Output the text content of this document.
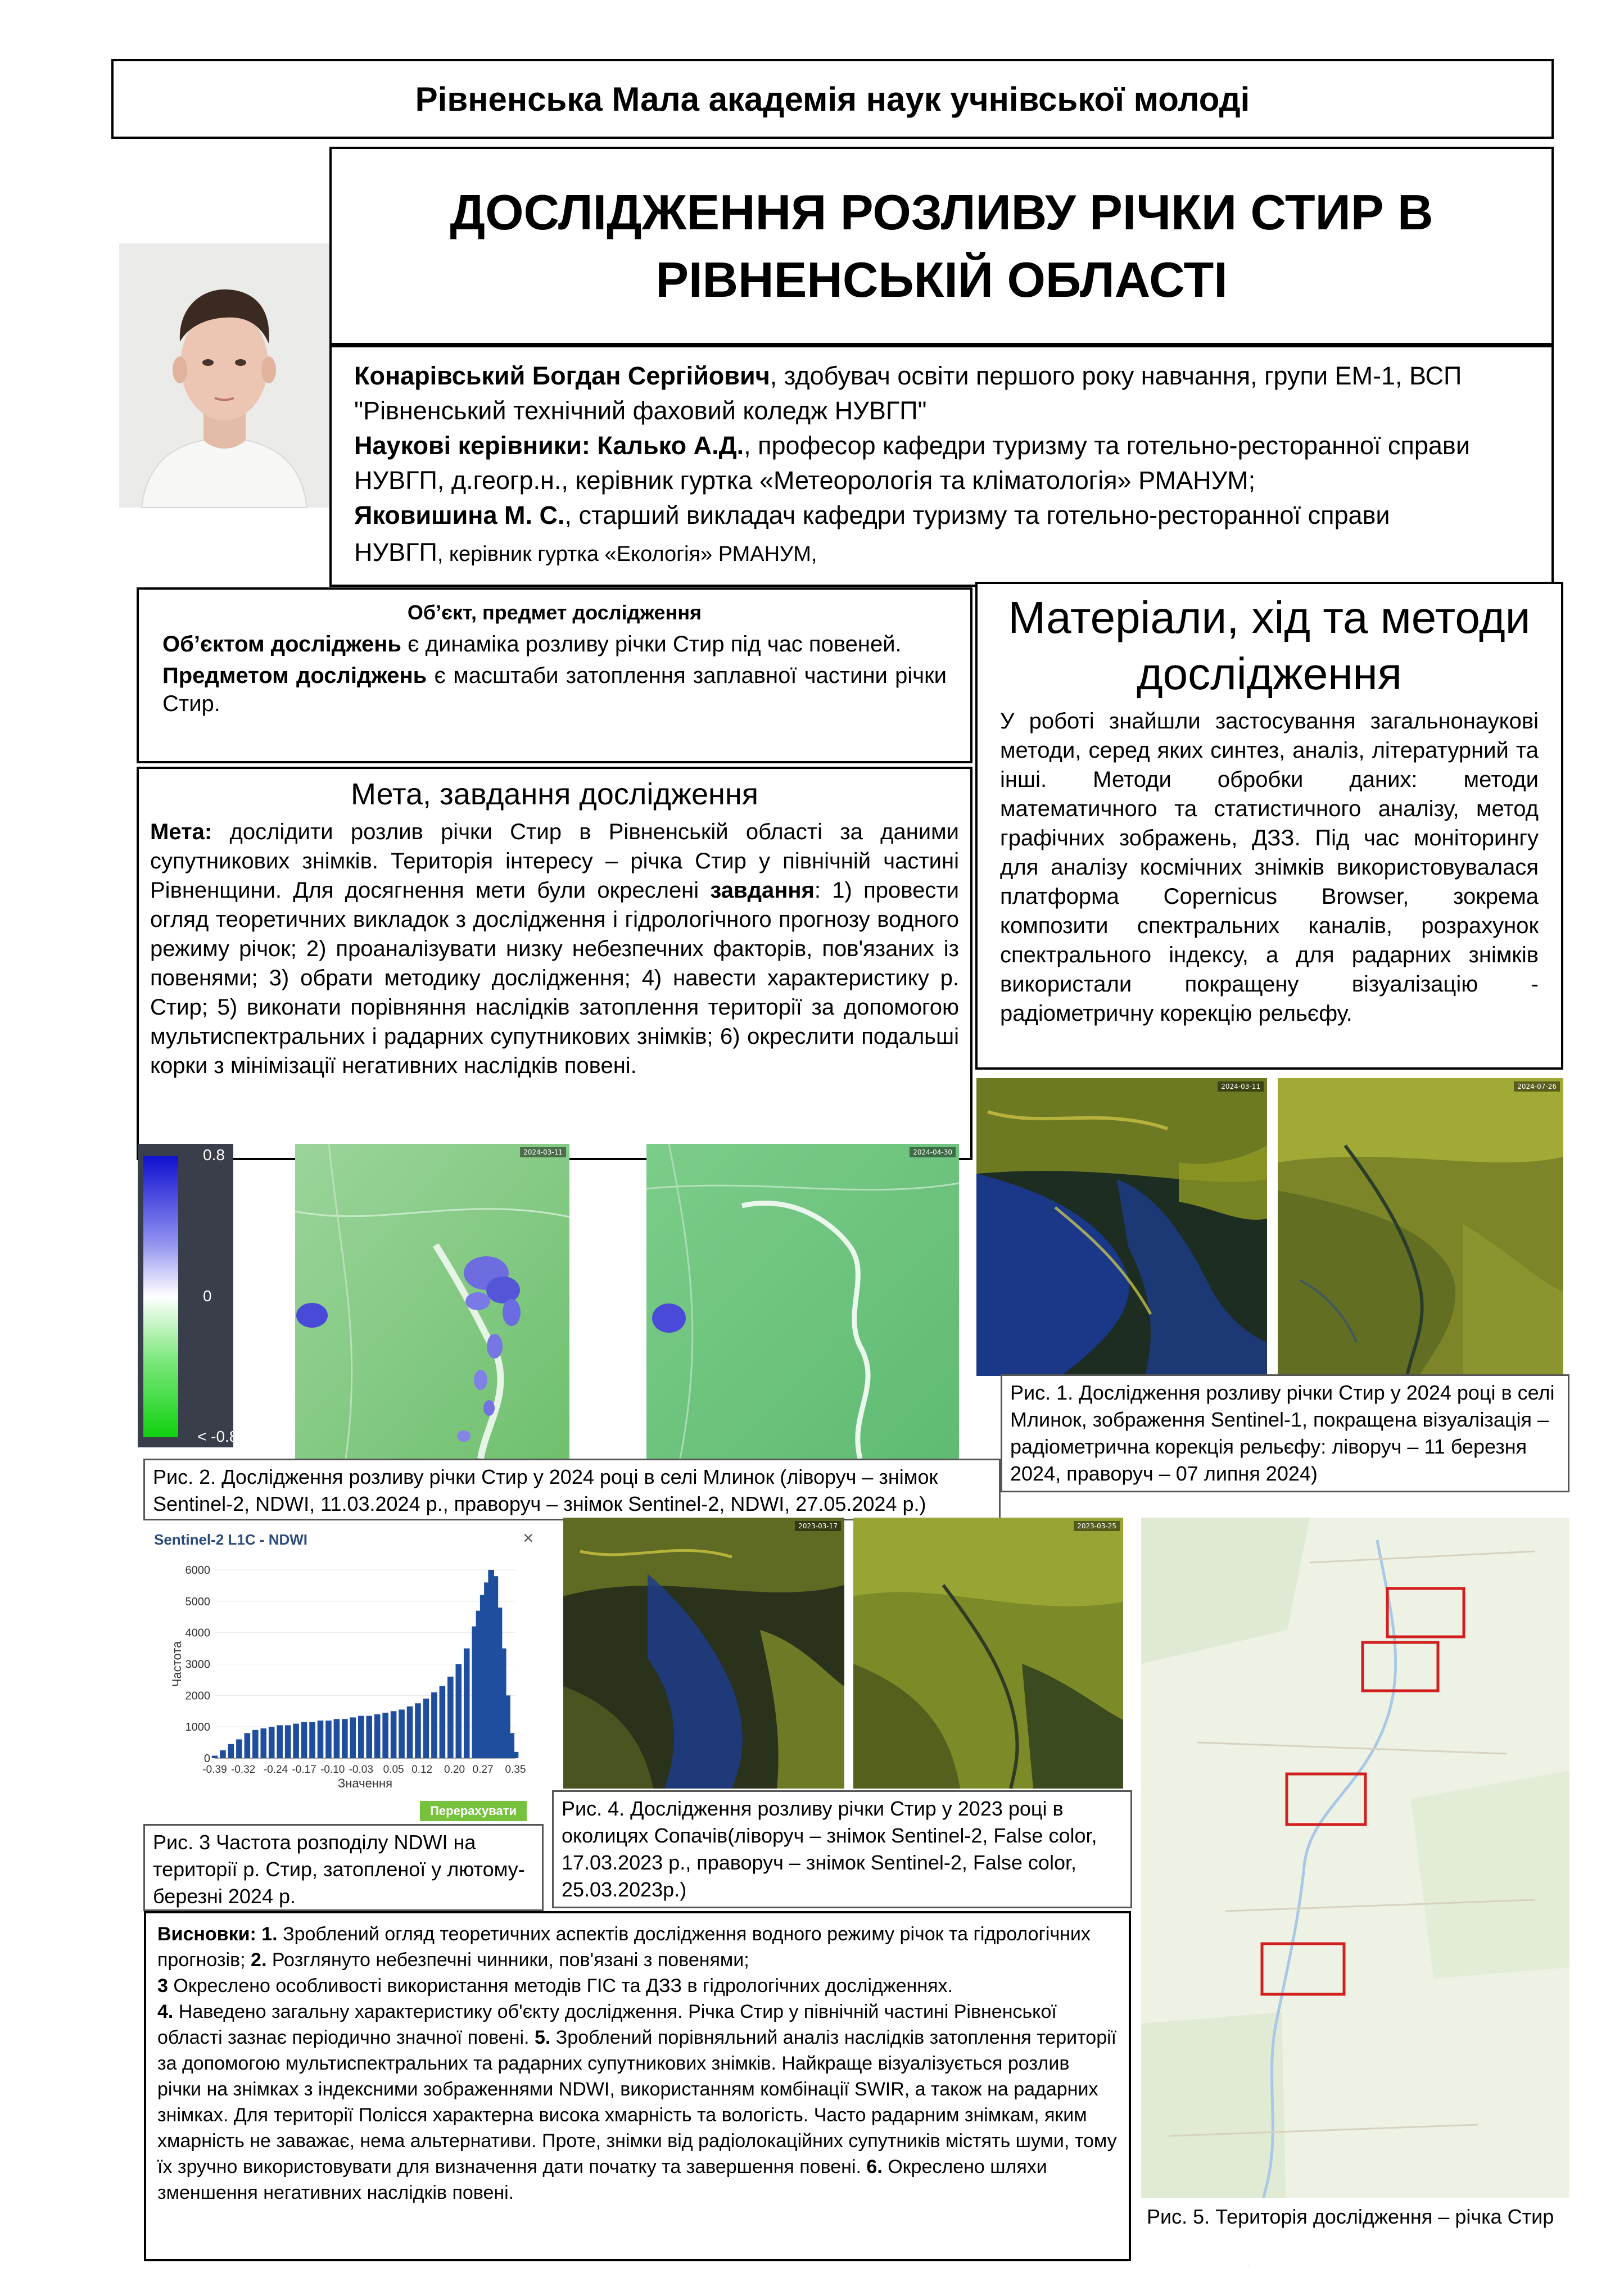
Рівненська Мала академія наук учнівської молоді
ДОСЛІДЖЕННЯ РОЗЛИВУ РІЧКИ СТИР В РІВНЕНСЬКІЙ ОБЛАСТІ

Конарівський Богдан Сергійович, здобувач освіти першого року навчання, групи ЕМ-1, ВСП "Рівненський технічний фаховий коледж НУВГП"

Наукові керівники: Калько А.Д., професор кафедри туризму та готельно-ресторанної справи НУВГП, д.геогр.н., керівник гуртка «Метеорологія та кліматологія» РМАНУМ;

Яковишина М. С., старший викладач кафедри туризму та готельно-ресторанної справи

НУВГП, керівник гуртка «Екологія» РМАНУМ,

Об’єкт, предмет дослідження

Об’єктом досліджень є динаміка розливу річки Стир під час повеней.

Предметом досліджень є масштаби затоплення заплавної частини річки Стир.

Матеріали, хід та методи дослідження
У роботі знайшли застосування загальнонаукові методи, серед яких синтез, аналіз, літературний та інші. Методи обробки даних: методи математичного та статистичного аналізу, метод графічних зображень, ДЗЗ. Під час моніторингу для аналізу космічних знімків використовувалася платформа Copernicus Browser, зокрема композити спектральних каналів, розрахунок спектрального індексу, а для радарних знімків використали покращену візуалізацію - радіометричну корекцію рельєфу.
Мета, завдання дослідження
Мета: дослідити розлив річки Стир в Рівненській області за даними супутникових знімків. Територія інтересу – річка Стир у північній частині Рівненщини. Для досягнення мети були окреслені завдання: 1) провести огляд теоретичних викладок з дослідження і гідрологічного прогнозу водного режиму річок; 2) проаналізувати низку небезпечних факторів, пов'язаних із повенями; 3) обрати методику дослідження; 4) навести характеристику р. Стир; 5) виконати порівняння наслідків затоплення території за допомогою мультиспектральних і радарних супутникових знімків; 6) окреслити подальші корки з мінімізації негативних наслідків повені.
0.8
0
< -0.8
2024-03-11	2024-04-30
Рис. 2. Дослідження розливу річки Стир у 2024 році в селі Млинок (ліворуч – знімок Sentinel-2, NDWI, 11.03.2024 р., праворуч – знімок Sentinel-2, NDWI, 27.05.2024 р.)
2024-03-11	2024-07-26
Рис. 1. Дослідження розливу річки Стир у 2024 році в селі Млинок, зображення Sentinel-1, покращена візуалізація – радіометрична корекція рельєфу: ліворуч – 11 березня 2024, праворуч – 07 липня 2024)
Sentinel-2 L1C - NDWI	×
0
1000
2000
3000
4000
5000
6000
-0.39 -0.32 -0.24 -0.17 -0.10 -0.03 0.05 0.12 0.20 0.27 0.35
Частота
Значення
Перерахувати
Рис. 3 Частота розподілу NDWI на території р. Стир, затопленої у лютому-березні 2024 р.
2023-03-17	2023-03-25
Рис. 4. Дослідження розливу річки Стир у 2023 році в околицях Сопачів(ліворуч – знімок Sentinel-2, False color, 17.03.2023 р., праворуч – знімок Sentinel-2, False color, 25.03.2023р.)
Рис. 5. Територія дослідження – річка Стир
Висновки: 1. Зроблений огляд теоретичних аспектів дослідження водного режиму річок та гідрологічних прогнозів; 2. Розглянуто небезпечні чинники, пов'язані з повенями;
3 Окреслено особливості використання методів ГІС та ДЗЗ в гідрологічних дослідженнях.
4. Наведено загальну характеристику об'єкту дослідження. Річка Стир у північній частині Рівненської області зазнає періодично значної повені. 5. Зроблений порівняльний аналіз наслідків затоплення території за допомогою мультиспектральних та радарних супутникових знімків. Найкраще візуалізується розлив річки на знімках з індексними зображеннями NDWI, використанням комбінації SWIR, а також на радарних знімках. Для території Полісся характерна висока хмарність та вологість. Часто радарним знімкам, яким хмарність не заважає, нема альтернативи. Проте, знімки від радіолокаційних супутників містять шуми, тому їх зручно використовувати для визначення дати початку та завершення повені. 6. Окреслено шляхи зменшення негативних наслідків повені.
